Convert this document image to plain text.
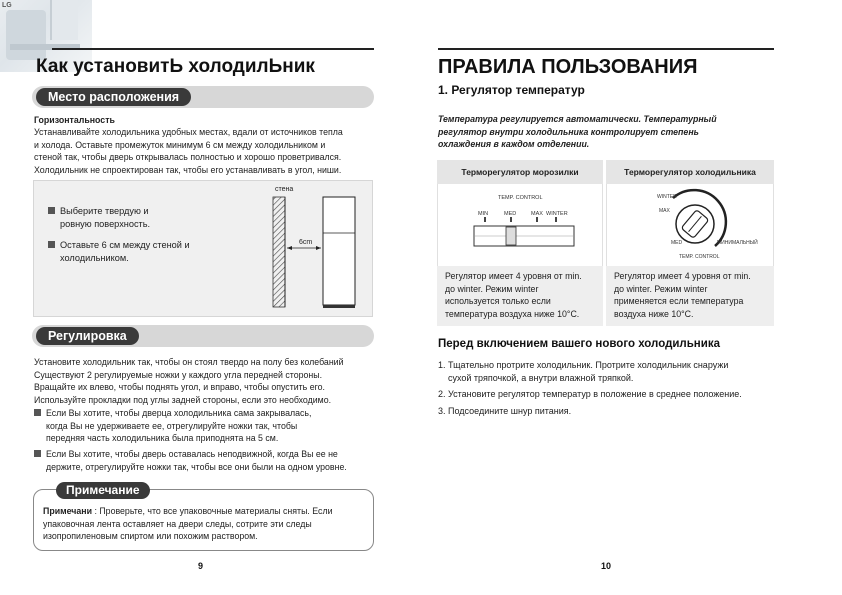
LG
Как установитЬ холодилЬник
Место расположения
Горизонтальность
Устанавливайте холодильника удобных местах, вдали от источников тепла
и холода. Оставьте промежуток минимум 6 см между холодильником и
стеной так, чтобы дверь открывалась полностью и хорошо проветривался.
Холодильник не спроектирован так, чтобы его устанавливать в угол, ниши.
Выберите твердую и
ровную поверхность.
Оставьте 6 см между стеной и
холодильником.
стена
6cm
Регулировка
Установите холодильник так, чтобы он стоял твердо на полу без колебаний
Существуют 2 регулируемые ножки у каждого угла передней стороны.
Вращайте их влево, чтобы поднять угол, и вправо, чтобы опустить его.
Используйте прокладки под углы задней стороны, если это необходимо.
Если Вы хотите, чтобы дверца холодильника сама закрывалась,
когда Вы не удерживаете ее, отрегулируйте ножки так, чтобы
передняя часть холодильника была приподнята на 5 см.
Если Вы хотите, чтобы дверь оставалась неподвижной, когда Вы ее не
держите, отрегулируйте ножки так, чтобы все они были на одном уровне.
Примечание
Примечани : Проверьте, что все упаковочные материалы сняты. Если
упаковочная лента оставляет на двери следы, сотрите эти следы
изопропиленовым спиртом или похожим раствором.
9
ПРАВИЛА ПОЛЬЗОВАНИЯ
1. Регулятор температур
Температура регулируется автоматически. Температурный
регулятор внутри холодильника контролирует степень
охлаждения в каждом отделении.
Терморегулятор морозилки
TEMP. CONTROL
MIN	MED	MAX WINTER
Регулятор имеет 4 уровня от min.
до winter. Режим winter
используется только если
температура воздуха ниже 10°С.
Терморегулятор холодильника
WINTER
MAX
MED	МИНИМАЛЬНЫЙ
TEMP. CONTROL
Регулятор имеет 4 уровня от min.
до winter. Режим winter
применяется если температура
воздуха ниже 10°С.
Перед включением вашего нового холодильника
1. Тщательно протрите холодильник. Протрите холодильник снаружи
сухой тряпочкой, а внутри влажной тряпкой.
2. Установите регулятор температур в положение в среднее положение.
3. Подсоедините шнур питания.
10
